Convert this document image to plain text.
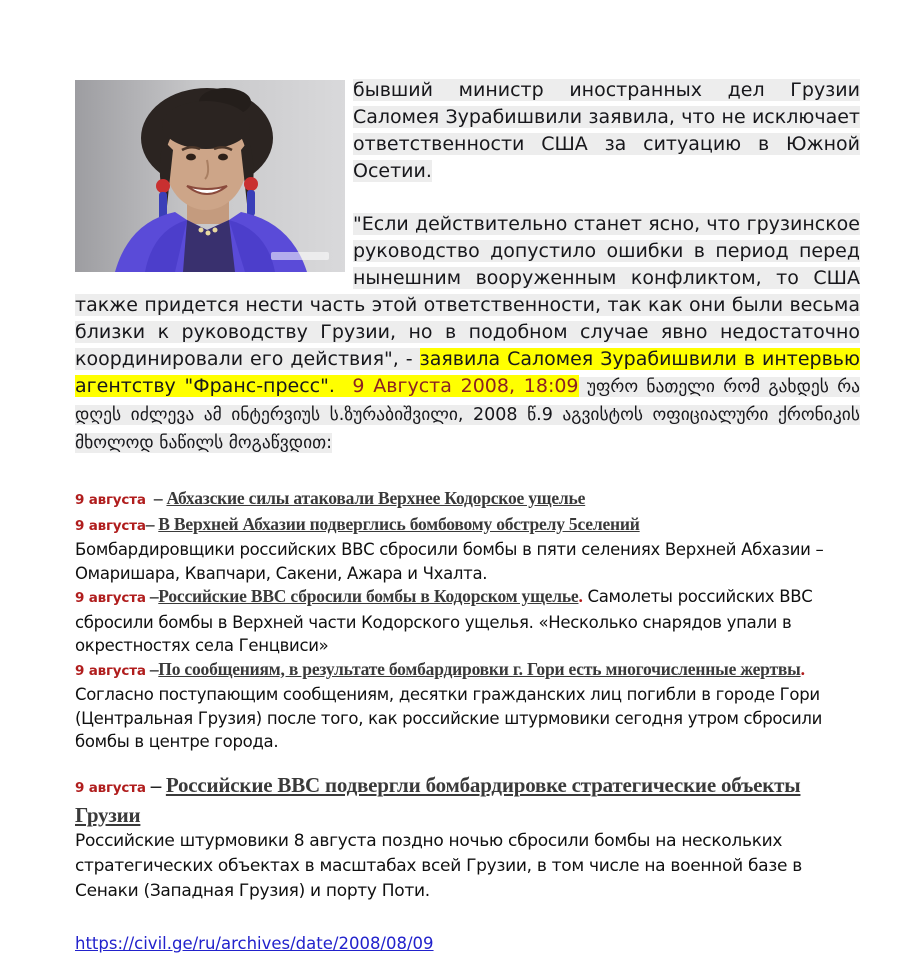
бывший министр иностранных дел Грузии Саломея Зурабишвили заявила, что не исключает ответственности США за ситуацию в Южной Осетии.

"Если действительно станет ясно, что грузинское руководство допустило ошибки в период перед нынешним вооруженным конфликтом, то США также придется нести часть этой ответственности, так как они были весьма близки к руководству Грузии, но в подобном случае явно недостаточно координировали его действия", - заявила Саломея Зурабишвили в интервью агентству "Франс-пресс".  9 Августа 2008, 18:09 უფრო ნათელი რომ გახდეს რა დღეს იძლევა ამ ინტერვიუს ს.ზურაბიშვილი, 2008 წ.9 აგვისტოს ოფიციალური ქრონიკის მხოლოდ ნაწილს მოგაწვდით:

9 августа  – Абхазские силы атаковали Верхнее Кодорское ущелье

9 августа– В Верхней Абхазии подверглись бомбовому обстрелу 5селений

Бомбардировщики российских ВВС сбросили бомбы в пяти селениях Верхней Абхазии – Омаришара, Квапчари, Сакени, Ажара и Чхалта.

9 августа –Российские ВВС сбросили бомбы в Кодорском ущелье. Самолеты российских ВВС сбросили бомбы в Верхней части Кодорского ущелья. «Несколько снарядов упали в окрестностях села Генцвиси»

9 августа –По сообщениям, в результате бомбардировки г. Гори есть многочисленные жертвы. Согласно поступающим сообщениям, десятки гражданских лиц погибли в городе Гори (Центральная Грузия) после того, как российские штурмовики сегодня утром сбросили бомбы в центре города.

9 августа – Российские ВВС подвергли бомбардировке стратегические объекты Грузии

Российские штурмовики 8 августа поздно ночью сбросили бомбы на нескольких стратегических объектах в масштабах всей Грузии, в том числе на военной базе в Сенаки (Западная Грузия) и порту Поти.

https://civil.ge/ru/archives/date/2008/08/09
